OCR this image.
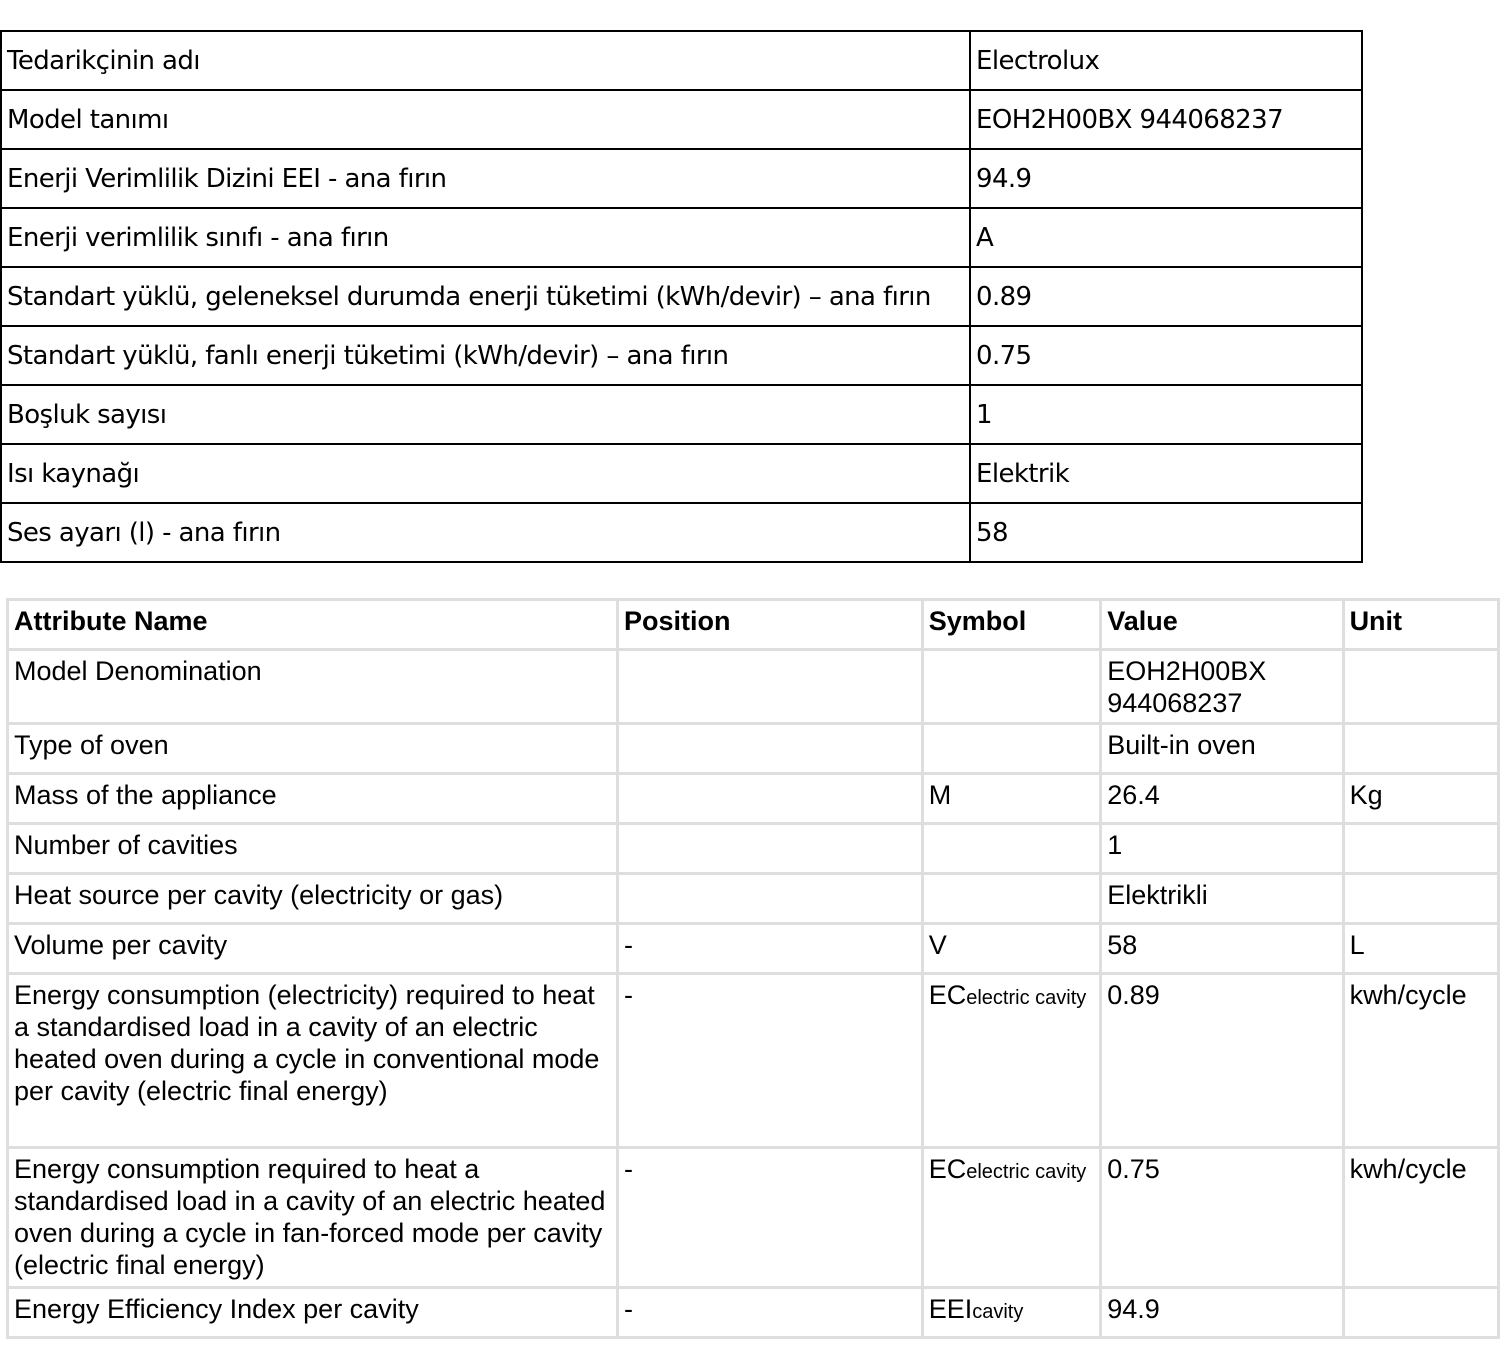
Tedarikçinin adı	Electrolux
Model tanımı	EOH2H00BX 944068237
Enerji Verimlilik Dizini EEI - ana fırın	94.9
Enerji verimlilik sınıfı - ana fırın	A
Standart yüklü, geleneksel durumda enerji tüketimi (kWh/devir) – ana fırın	0.89
Standart yüklü, fanlı enerji tüketimi (kWh/devir) – ana fırın	0.75
Boşluk sayısı	1
Isı kaynağı	Elektrik
Ses ayarı (l) - ana fırın	58
Attribute Name	Position	Symbol	Value	Unit
Model Denomination			EOH2H00BX 944068237	
Type of oven			Built-in oven	
Mass of the appliance		M	26.4	Kg
Number of cavities			1	
Heat source per cavity (electricity or gas)			Elektrikli	
Volume per cavity	-	V	58	L
Energy consumption (electricity) required to heat a standardised load in a cavity of an electric heated oven during a cycle in conventional mode per cavity (electric final energy)	-	ECelectric cavity	0.89	kwh/cycle
Energy consumption required to heat a standardised load in a cavity of an electric heated oven during a cycle in fan-forced mode per cavity (electric final energy)	-	ECelectric cavity	0.75	kwh/cycle
Energy Efficiency Index per cavity	-	EEIcavity	94.9	
